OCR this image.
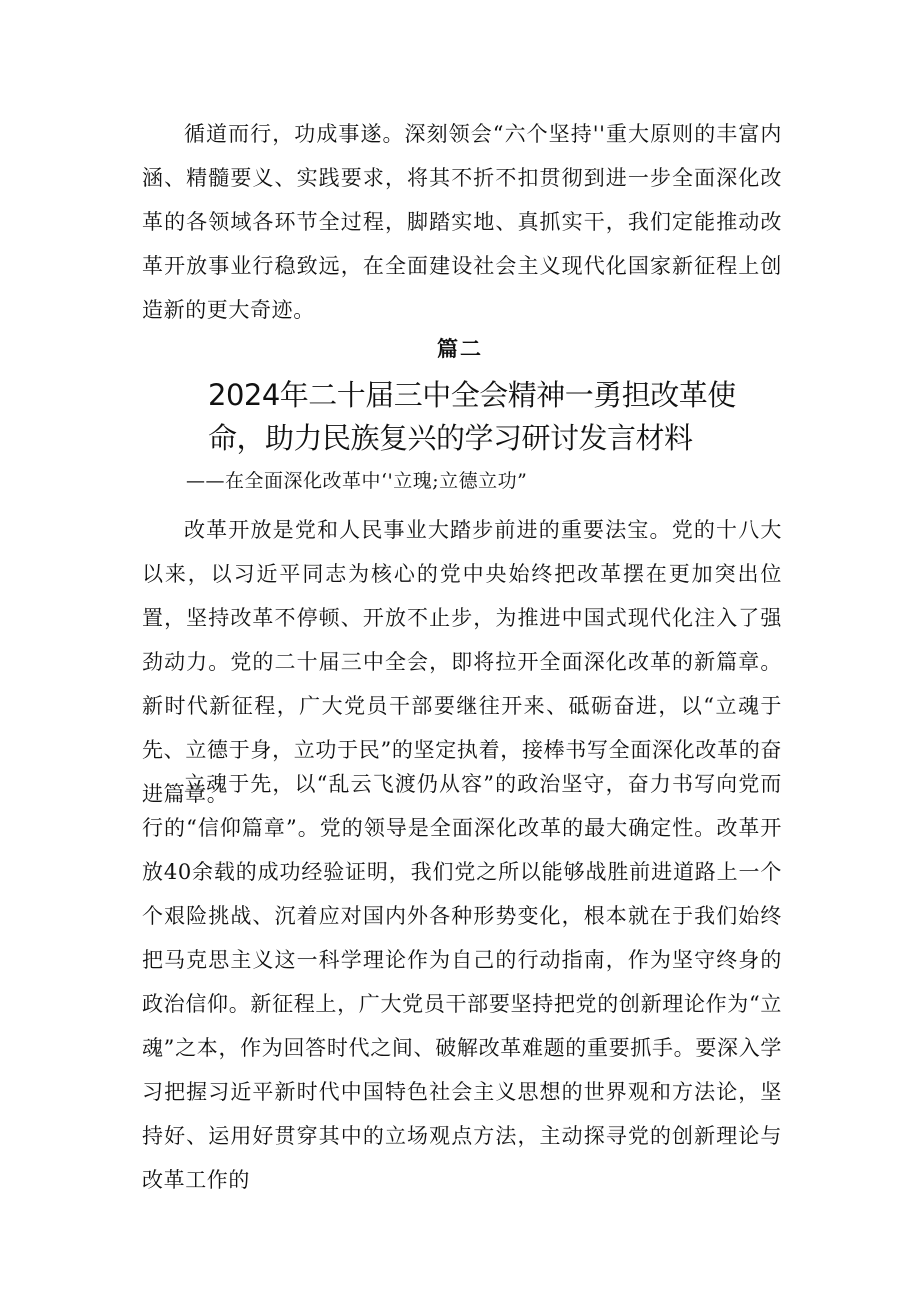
循道而行，功成事遂。深刻领会“六个坚持''重大原则的丰富内涵、精髓要义、实践要求，将其不折不扣贯彻到进一步全面深化改革的各领域各环节全过程，脚踏实地、真抓实干，我们定能推动改革开放事业行稳致远，在全面建设社会主义现代化国家新征程上创造新的更大奇迹。

篇二
2024年二十届三中全会精神一勇担改革使命，助力民族复兴的学习研讨发言材料
——在全面深化改革中‘'立瑰;立德立功”

改革开放是党和人民事业大踏步前进的重要法宝。党的十八大以来，以习近平同志为核心的党中央始终把改革摆在更加突出位置，坚持改革不停顿、开放不止步，为推进中国式现代化注入了强劲动力。党的二十届三中全会，即将拉开全面深化改革的新篇章。新时代新征程，广大党员干部要继往开来、砥砺奋进，以“立魂于先、立德于身，立功于民”的坚定执着，接棒书写全面深化改革的奋进篇章。

立魂于先，以“乱云飞渡仍从容”的政治坚守，奋力书写向党而行的“信仰篇章”。党的领导是全面深化改革的最大确定性。改革开放40余载的成功经验证明，我们党之所以能够战胜前进道路上一个个艰险挑战、沉着应对国内外各种形势变化，根本就在于我们始终把马克思主义这一科学理论作为自己的行动指南，作为坚守终身的政治信仰。新征程上，广大党员干部要坚持把党的创新理论作为“立魂”之本，作为回答时代之间、破解改革难题的重要抓手。要深入学习把握习近平新时代中国特色社会主义思想的世界观和方法论，坚持好、运用好贯穿其中的立场观点方法，主动探寻党的创新理论与改革工作的
